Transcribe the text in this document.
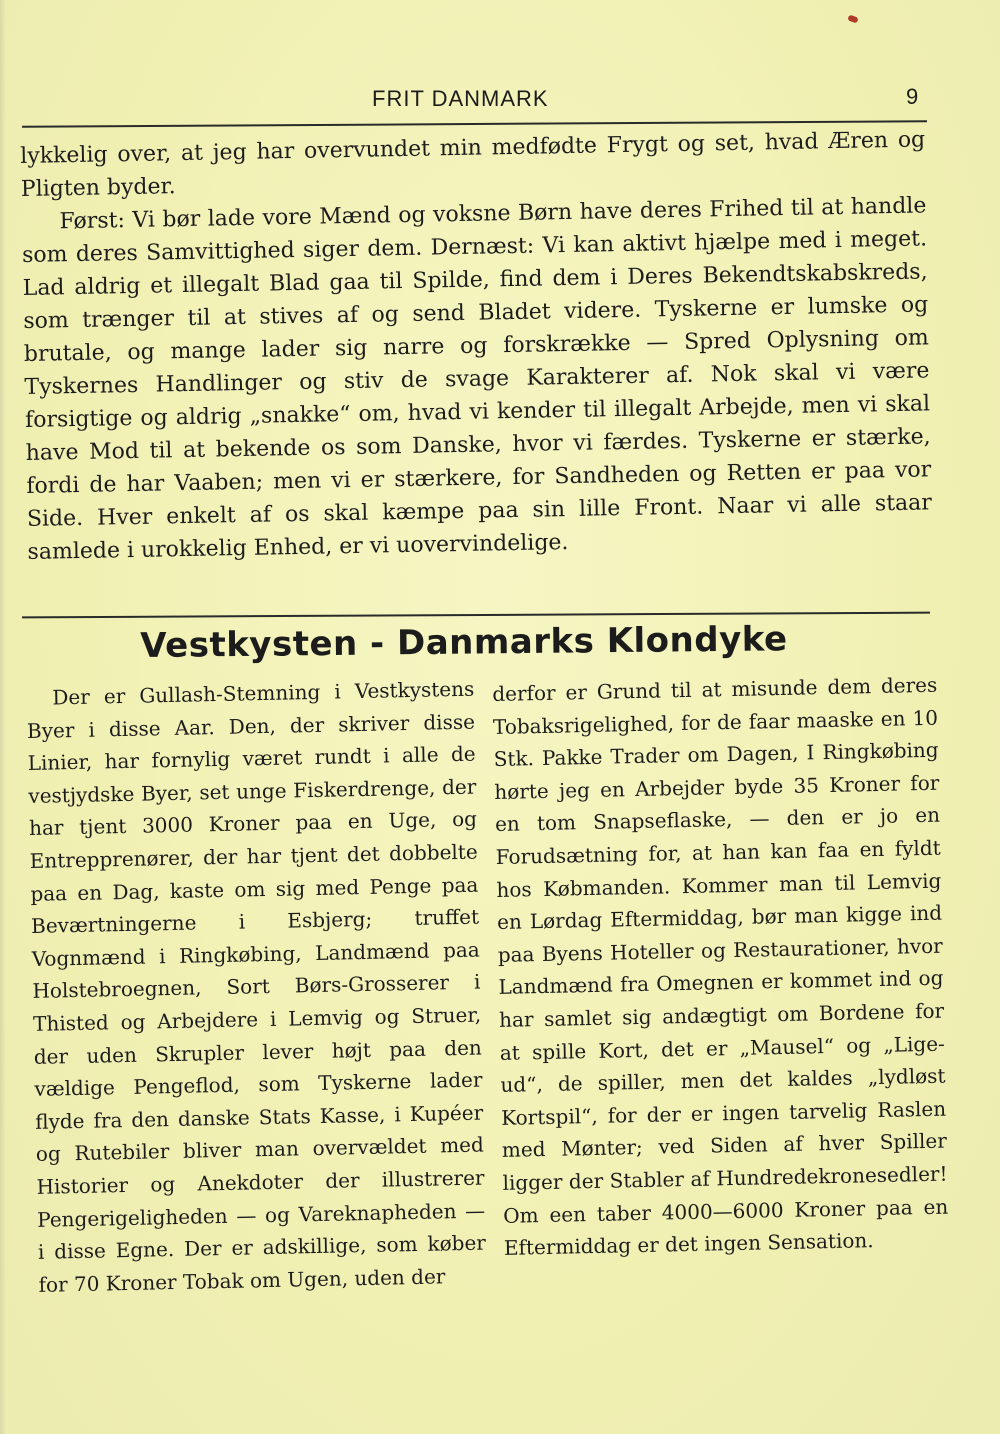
FRIT DANMARK	9

lykkelig over, at jeg har overvundet min medfødte Frygt og set, hvad Æren og Pligten byder.

Først: Vi bør lade vore Mænd og voksne Børn have deres Frihed til at handle som deres Samvittighed siger dem. Dernæst: Vi kan aktivt hjælpe med i meget. Lad aldrig et illegalt Blad gaa til Spilde, find dem i Deres Bekendtskabskreds, som trænger til at stives af og send Bladet videre. Tyskerne er lumske og brutale, og mange lader sig narre og forskrække — Spred Oplysning om Tyskernes Handlinger og stiv de svage Karakterer af. Nok skal vi være forsigtige og aldrig „snakke“ om, hvad vi kender til illegalt Arbejde, men vi skal have Mod til at bekende os som Danske, hvor vi færdes. Tyskerne er stærke, fordi de har Vaaben; men vi er stærkere, for Sandheden og Retten er paa vor Side. Hver enkelt af os skal kæmpe paa sin lille Front. Naar vi alle staar samlede i urokkelig Enhed, er vi uovervindelige.

Vestkysten - Danmarks Klondyke

Der er Gullash-Stemning i Vestkystens Byer i disse Aar. Den, der skriver disse Linier, har fornylig været rundt i alle de vestjydske Byer, set unge Fiskerdrenge, der har tjent 3000 Kroner paa en Uge, og Entrepprenører, der har tjent det dobbelte paa en Dag, kaste om sig med Penge paa Beværtningerne i Esbjerg; truffet Vognmænd i Ringkøbing, Landmænd paa Holstebroegnen, Sort Børs-Grosserer i Thisted og Arbejdere i Lemvig og Struer, der uden Skrupler lever højt paa den vældige Pengeflod, som Tyskerne lader flyde fra den danske Stats Kasse, i Kupéer og Rutebiler bliver man overvældet med Historier og Anekdoter der illustrerer Pengerigeligheden — og Vareknapheden — i disse Egne. Der er adskillige, som køber for 70 Kroner Tobak om Ugen, uden der

derfor er Grund til at misunde dem deres Tobaksrigelighed, for de faar maaske en 10 Stk. Pakke Trader om Dagen, I Ringkøbing hørte jeg en Arbejder byde 35 Kroner for en tom Snapseflaske, — den er jo en Forudsætning for, at han kan faa en fyldt hos Købmanden. Kommer man til Lemvig en Lørdag Eftermiddag, bør man kigge ind paa Byens Hoteller og Restaurationer, hvor Landmænd fra Omegnen er kommet ind og har samlet sig andægtigt om Bordene for at spille Kort, det er „Mausel“ og „Lige-ud“, de spiller, men det kaldes „lydløst Kortspil“, for der er ingen tarvelig Raslen med Mønter; ved Siden af hver Spiller ligger der Stabler af Hundredekronesedler! Om een taber 4000—6000 Kroner paa en Eftermiddag er det ingen Sensation.
